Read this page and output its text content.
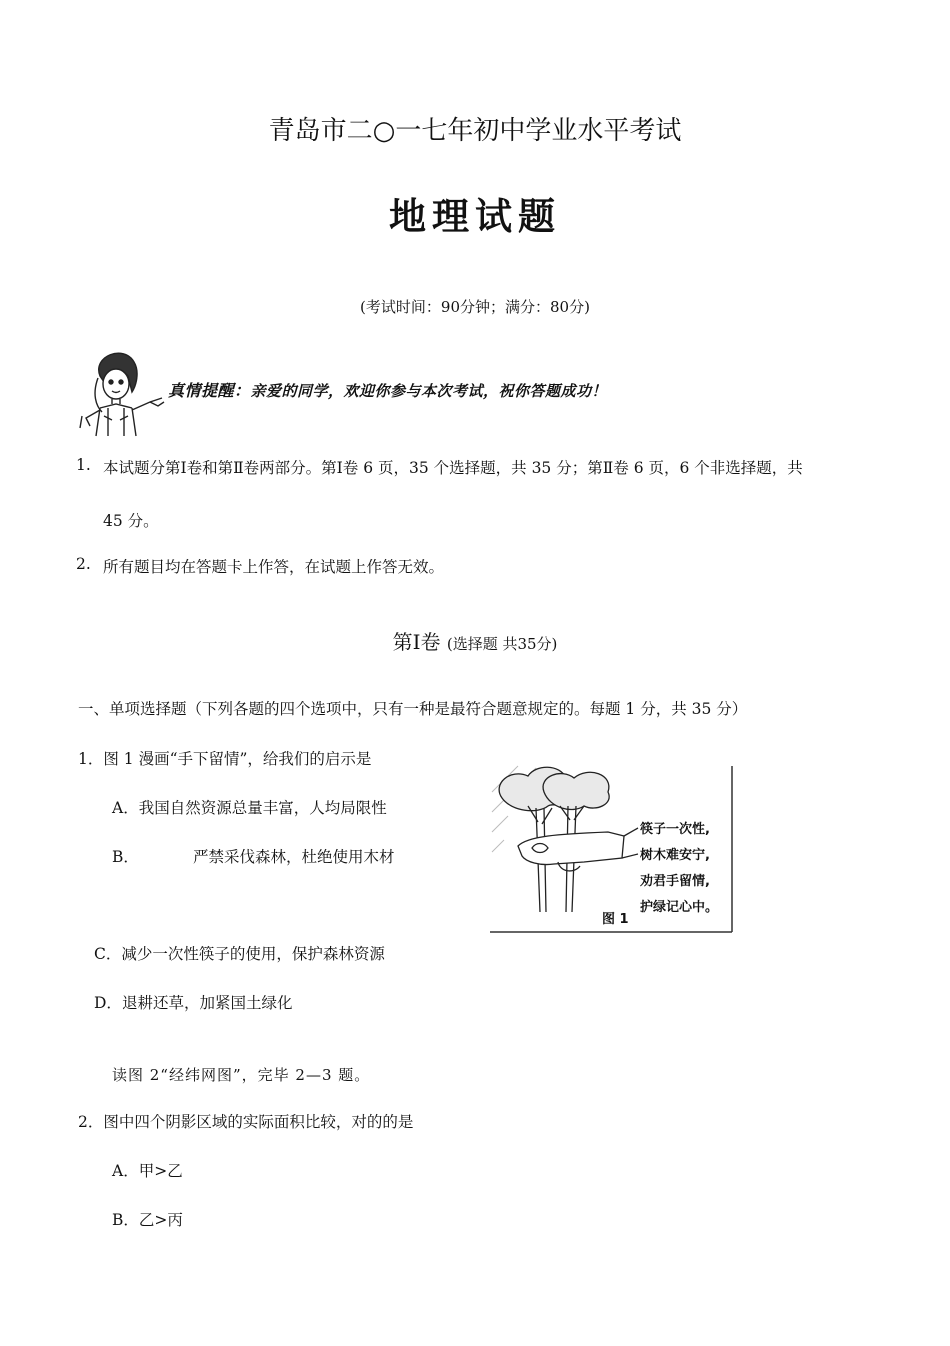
青岛市二○一七年初中学业水平考试
地理试题
(考试时间：90分钟；满分：80分)
真情提醒：亲爱的同学，欢迎你参与本次考试，祝你答题成功！
1. 本试题分第Ⅰ卷和第Ⅱ卷两部分。第Ⅰ卷 6 页，35 个选择题，共 35 分；第Ⅱ卷 6 页，6 个非选择题，共
45 分。
2. 所有题目均在答题卡上作答，在试题上作答无效。
第Ⅰ卷 (选择题 共35分)
一、单项选择题（下列各题的四个选项中，只有一种是最符合题意规定的。每题 1 分，共 35 分）
1．图 1 漫画“手下留情”，给我们的启示是
A．我国自然资源总量丰富，人均局限性
B．	严禁采伐森林，杜绝使用木材
C．减少一次性筷子的使用，保护森林资源
D．退耕还草，加紧国土绿化
筷子一次性,
树木难安宁,
劝君手留情,
护绿记心中。
图 1
读图 2“经纬网图”，完毕 2—3 题。
2．图中四个阴影区域的实际面积比较，对的的是
A．甲>乙
B．乙>丙
